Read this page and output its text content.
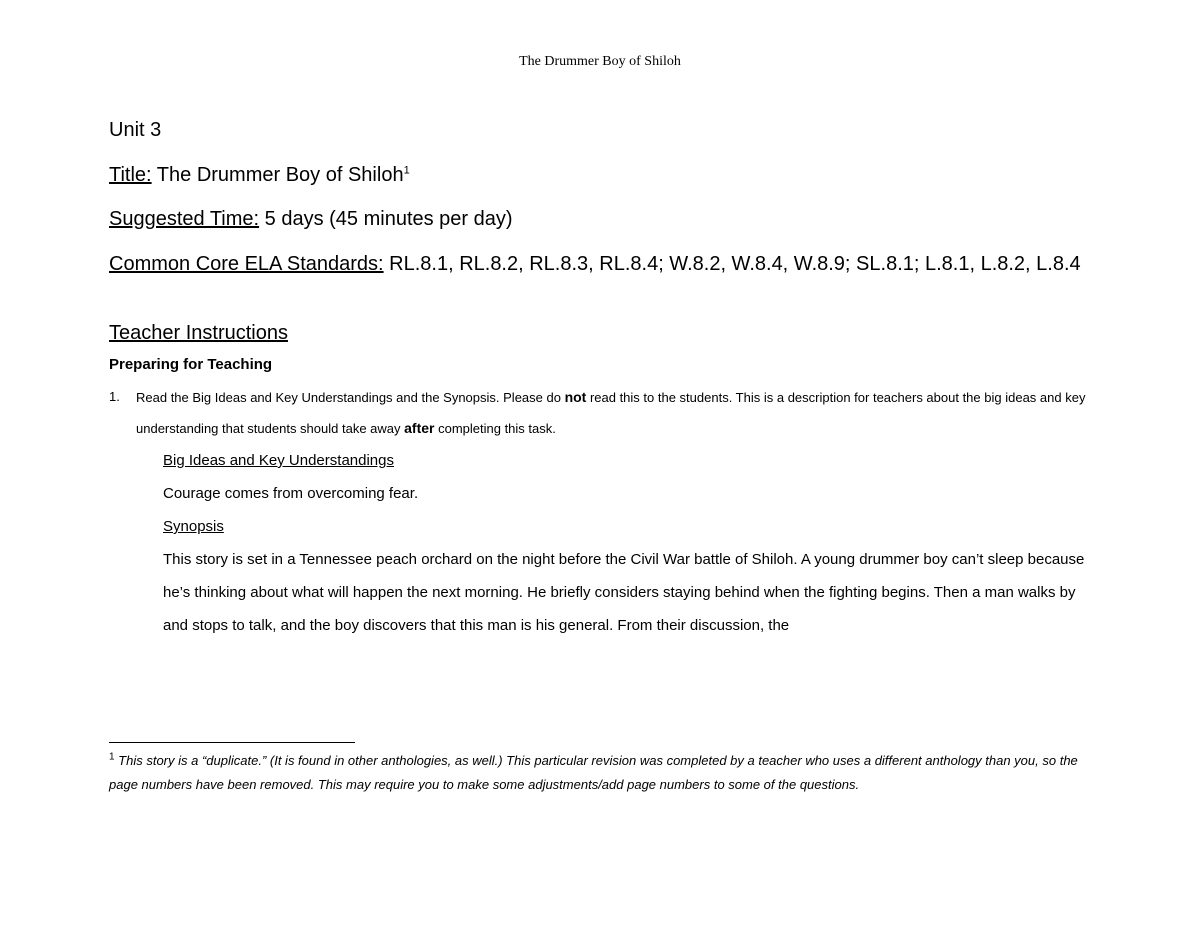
The Drummer Boy of Shiloh

Unit 3

Title: The Drummer Boy of Shiloh$^1$

Suggested Time: 5 days (45 minutes per day)

Common Core ELA Standards: RL.8.1, RL.8.2, RL.8.3, RL.8.4; W.8.2, W.8.4, W.8.9; SL.8.1; L.8.1, L.8.2, L.8.4

Teacher Instructions

Preparing for Teaching

1. Read the Big Ideas and Key Understandings and the Synopsis. Please do not read this to the students. This is a description for teachers about the big ideas and key understanding that students should take away after completing this task.

Big Ideas and Key Understandings

Courage comes from overcoming fear.

Synopsis

This story is set in a Tennessee peach orchard on the night before the Civil War battle of Shiloh. A young drummer boy can’t sleep because he’s thinking about what will happen the next morning. He briefly considers staying behind when the fighting begins. Then a man walks by and stops to talk, and the boy discovers that this man is his general. From their discussion, the

$^1$ This story is a “duplicate.” (It is found in other anthologies, as well.) This particular revision was completed by a teacher who uses a different anthology than you, so the page numbers have been removed. This may require you to make some adjustments/add page numbers to some of the questions.
